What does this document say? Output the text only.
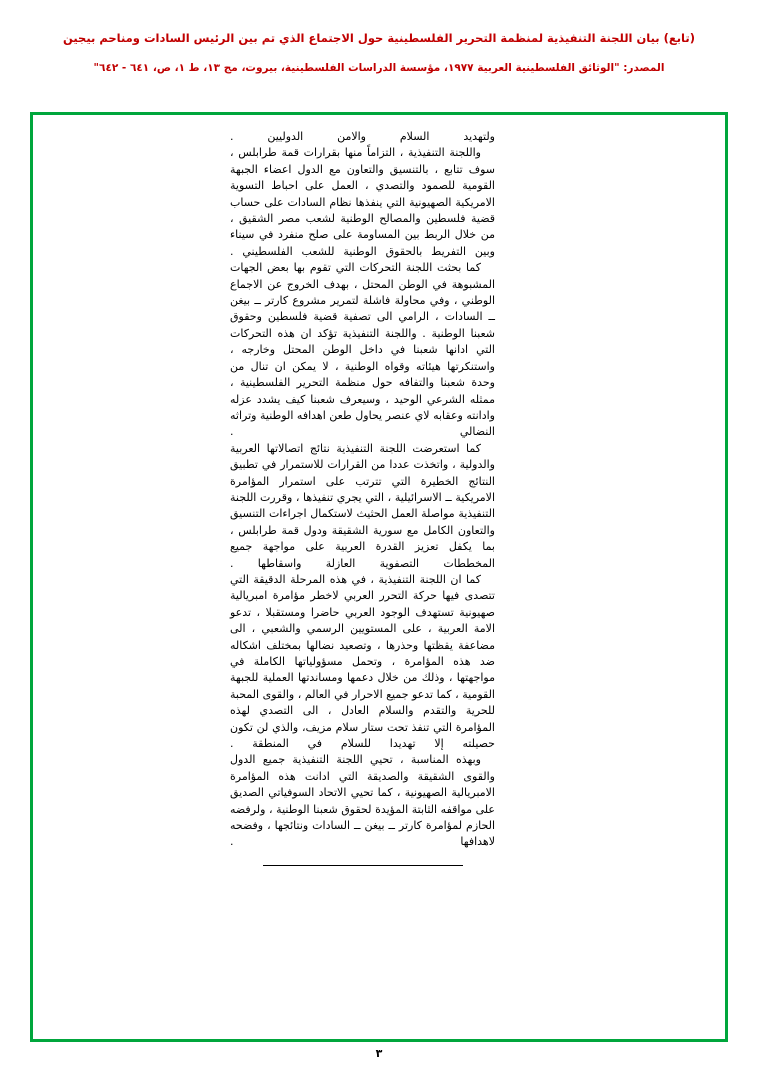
(تابع) بيان اللجنة التنفيذية لمنظمة التحرير الفلسطينية حول الاجتماع الذي تم بين الرئيس السادات ومناحم بيجين
المصدر: "الوثائق الفلسطينية العربية ١٩٧٧، مؤسسة الدراسات الفلسطينية، بيروت، مج ١٣، ط ١، ص، ٦٤١ - ٦٤٢"

ولتهديد السلام والامن الدوليين .

واللجنة التنفيذية ، التزاماً منها بقرارات قمة طرابلس ، سوف تتابع ، بالتنسيق والتعاون مع الدول اعضاء الجبهة القومية للصمود والتصدي ، العمل على احباط التسوية الامريكية الصهيونية التي ينفذها نظام السادات على حساب قضية فلسطين والمصالح الوطنية لشعب مصر الشقيق ، من خلال الربط بين المساومة على صلح منفرد في سيناء وبين التفريط بالحقوق الوطنية للشعب الفلسطيني .

كما بحثت اللجنة التحركات التي تقوم بها بعض الجهات المشبوهة في الوطن المحتل ، بهدف الخروج عن الاجماع الوطني ، وفي محاولة فاشلة لتمرير مشروع كارتر ــ بيغن ــ السادات ، الرامي الى تصفية قضية فلسطين وحقوق شعبنا الوطنية . واللجنة التنفيذية تؤكد ان هذه التحركات التي ادانها شعبنا في داخل الوطن المحتل وخارجه ، واستنكرتها هيئاته وقواه الوطنية ، لا يمكن ان تنال من وحدة شعبنا والتفافه حول منظمة التحرير الفلسطينية ، ممثله الشرعي الوحيد ، وسيعرف شعبنا كيف يشدد عزله وادانته وعقابه لاي عنصر يحاول طعن اهدافه الوطنية وتراثه النضالي .

كما استعرضت اللجنة التنفيذية نتائج اتصالاتها العربية والدولية ، واتخذت عددا من القرارات للاستمرار في تطبيق النتائج الخطيرة التي تترتب على استمرار المؤامرة الامريكية ــ الاسرائيلية ، التي يجري تنفيذها ، وقررت اللجنة التنفيذية مواصلة العمل الحثيث لاستكمال اجراءات التنسيق والتعاون الكامل مع سورية الشقيقة ودول قمة طرابلس ، بما يكفل تعزيز القدرة العربية على مواجهة جميع المخططات التصفوية العازلة واسقاطها .

كما ان اللجنة التنفيذية ، في هذه المرحلة الدقيقة التي تتصدى فيها حركة التحرر العربي لاخطر مؤامرة امبريالية صهيونية تستهدف الوجود العربي حاضرا ومستقبلا ، تدعو الامة العربية ، على المستويين الرسمي والشعبي ، الى مضاعفة يقظتها وحذرها ، وتصعيد نضالها بمختلف اشكاله ضد هذه المؤامرة ، وتحمل مسؤولياتها الكاملة في مواجهتها ، وذلك من خلال دعمها ومساندتها العملية للجبهة القومية ، كما تدعو جميع الاحرار في العالم ، والقوى المحبة للحرية والتقدم والسلام العادل ، الى التصدي لهذه المؤامرة التي تنفذ تحت ستار سلام مزيف، والذي لن تكون حصيلته إلا تهديدا للسلام في المنطقة .

وبهذه المناسبة ، تحيي اللجنة التنفيذية جميع الدول والقوى الشقيقة والصديقة التي ادانت هذه المؤامرة الامبريالية الصهيونية ، كما تحيي الاتحاد السوفياتي الصديق على مواقفه الثابتة المؤيدة لحقوق شعبنا الوطنية ، ولرفضه الحازم لمؤامرة كارتر ــ بيغن ــ السادات ونتائجها ، وفضحه لاهدافها .

٣
